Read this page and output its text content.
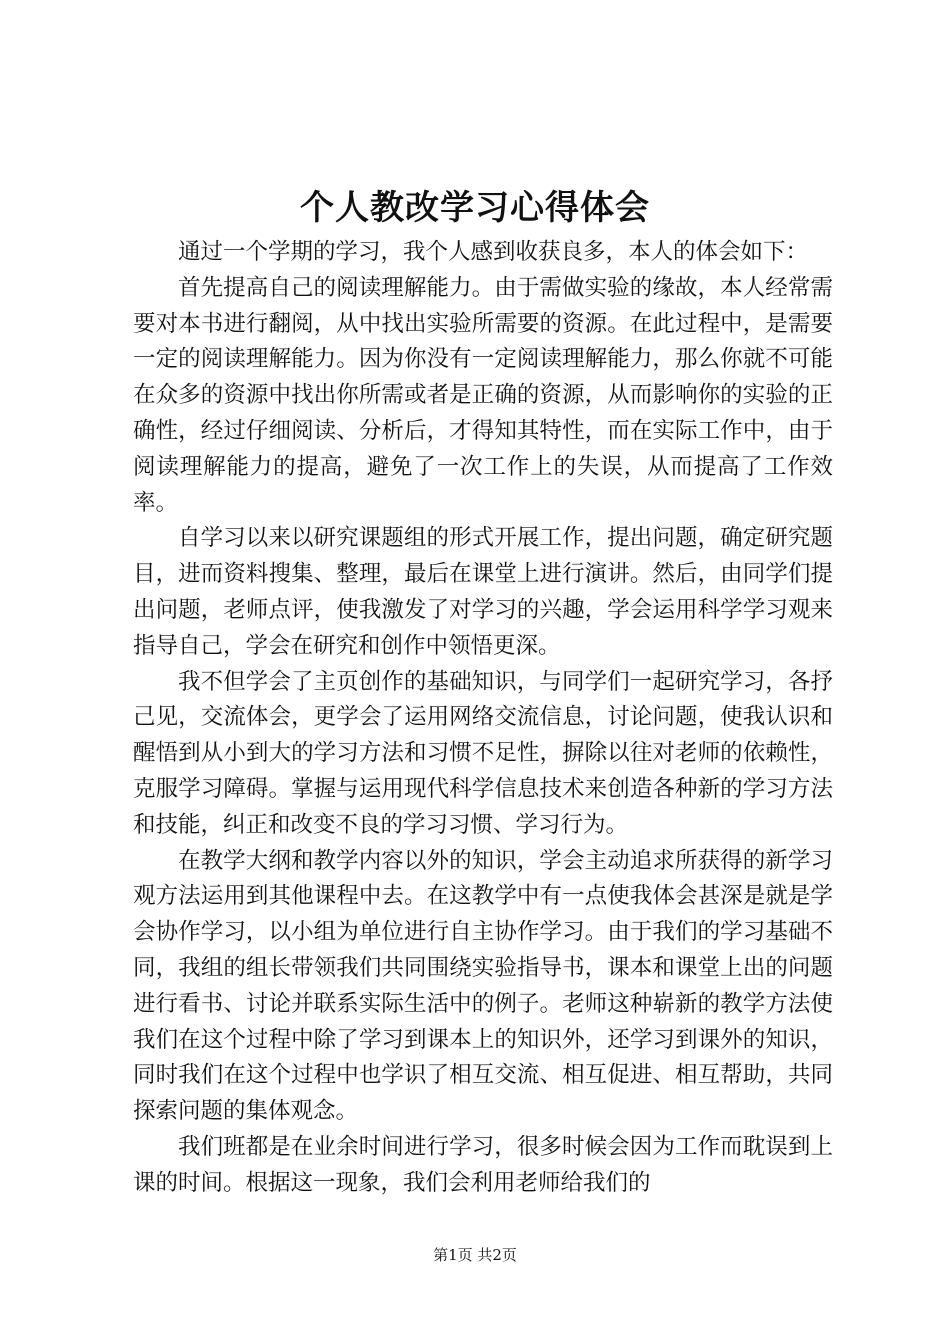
个人教改学习心得体会

通过一个学期的学习，我个人感到收获良多，本人的体会如下：

首先提高自己的阅读理解能力。由于需做实验的缘故，本人经常需要对本书进行翻阅，从中找出实验所需要的资源。在此过程中，是需要一定的阅读理解能力。因为你没有一定阅读理解能力，那么你就不可能在众多的资源中找出你所需或者是正确的资源，从而影响你的实验的正确性，经过仔细阅读、分析后，才得知其特性，而在实际工作中，由于阅读理解能力的提高，避免了一次工作上的失误，从而提高了工作效率。

自学习以来以研究课题组的形式开展工作，提出问题，确定研究题目，进而资料搜集、整理，最后在课堂上进行演讲。然后，由同学们提出问题，老师点评，使我激发了对学习的兴趣，学会运用科学学习观来指导自己，学会在研究和创作中领悟更深。

我不但学会了主页创作的基础知识，与同学们一起研究学习，各抒己见，交流体会，更学会了运用网络交流信息，讨论问题，使我认识和醒悟到从小到大的学习方法和习惯不足性，摒除以往对老师的依赖性，克服学习障碍。掌握与运用现代科学信息技术来创造各种新的学习方法和技能，纠正和改变不良的学习习惯、学习行为。

在教学大纲和教学内容以外的知识，学会主动追求所获得的新学习观方法运用到其他课程中去。在这教学中有一点使我体会甚深是就是学会协作学习，以小组为单位进行自主协作学习。由于我们的学习基础不同，我组的组长带领我们共同围绕实验指导书，课本和课堂上出的问题进行看书、讨论并联系实际生活中的例子。老师这种崭新的教学方法使我们在这个过程中除了学习到课本上的知识外，还学习到课外的知识，同时我们在这个过程中也学识了相互交流、相互促进、相互帮助，共同探索问题的集体观念。

我们班都是在业余时间进行学习，很多时候会因为工作而耽误到上课的时间。根据这一现象，我们会利用老师给我们的

第1页 共2页
